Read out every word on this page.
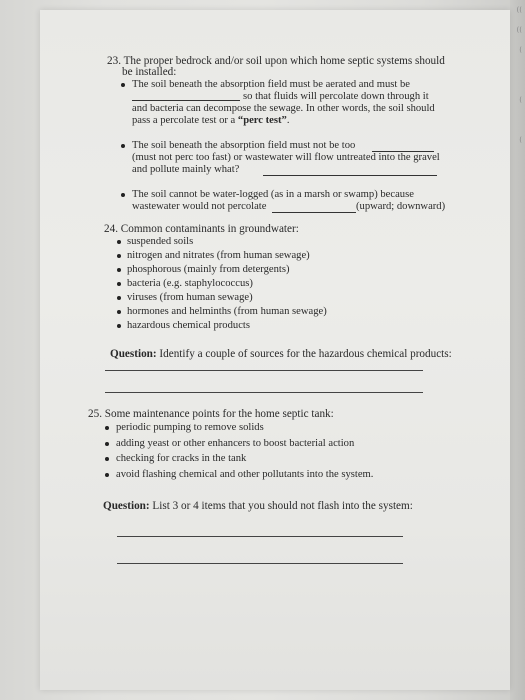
((
((
(
(
(
23. The proper bedrock and/or soil upon which home septic systems should
be installed:
The soil beneath the absorption field must be aerated and must be
so that fluids will percolate down through it
and bacteria can decompose the sewage. In other words, the soil should
pass a percolate test or a “perc test”.
The soil beneath the absorption field must not be too
(must not perc too fast) or wastewater will flow untreated into the gravel
and pollute mainly what?
The soil cannot be water-logged (as in a marsh or swamp) because
wastewater would not percolate	(upward; downward)
24. Common contaminants in groundwater:
suspended soils
nitrogen and nitrates (from human sewage)
phosphorous (mainly from detergents)
bacteria (e.g. staphylococcus)
viruses (from human sewage)
hormones and helminths (from human sewage)
hazardous chemical products
Question: Identify a couple of sources for the hazardous chemical products:
25. Some maintenance points for the home septic tank:
periodic pumping to remove solids
adding yeast or other enhancers to boost bacterial action
checking for cracks in the tank
avoid flashing chemical and other pollutants into the system.
Question: List 3 or 4 items that you should not flash into the system:
